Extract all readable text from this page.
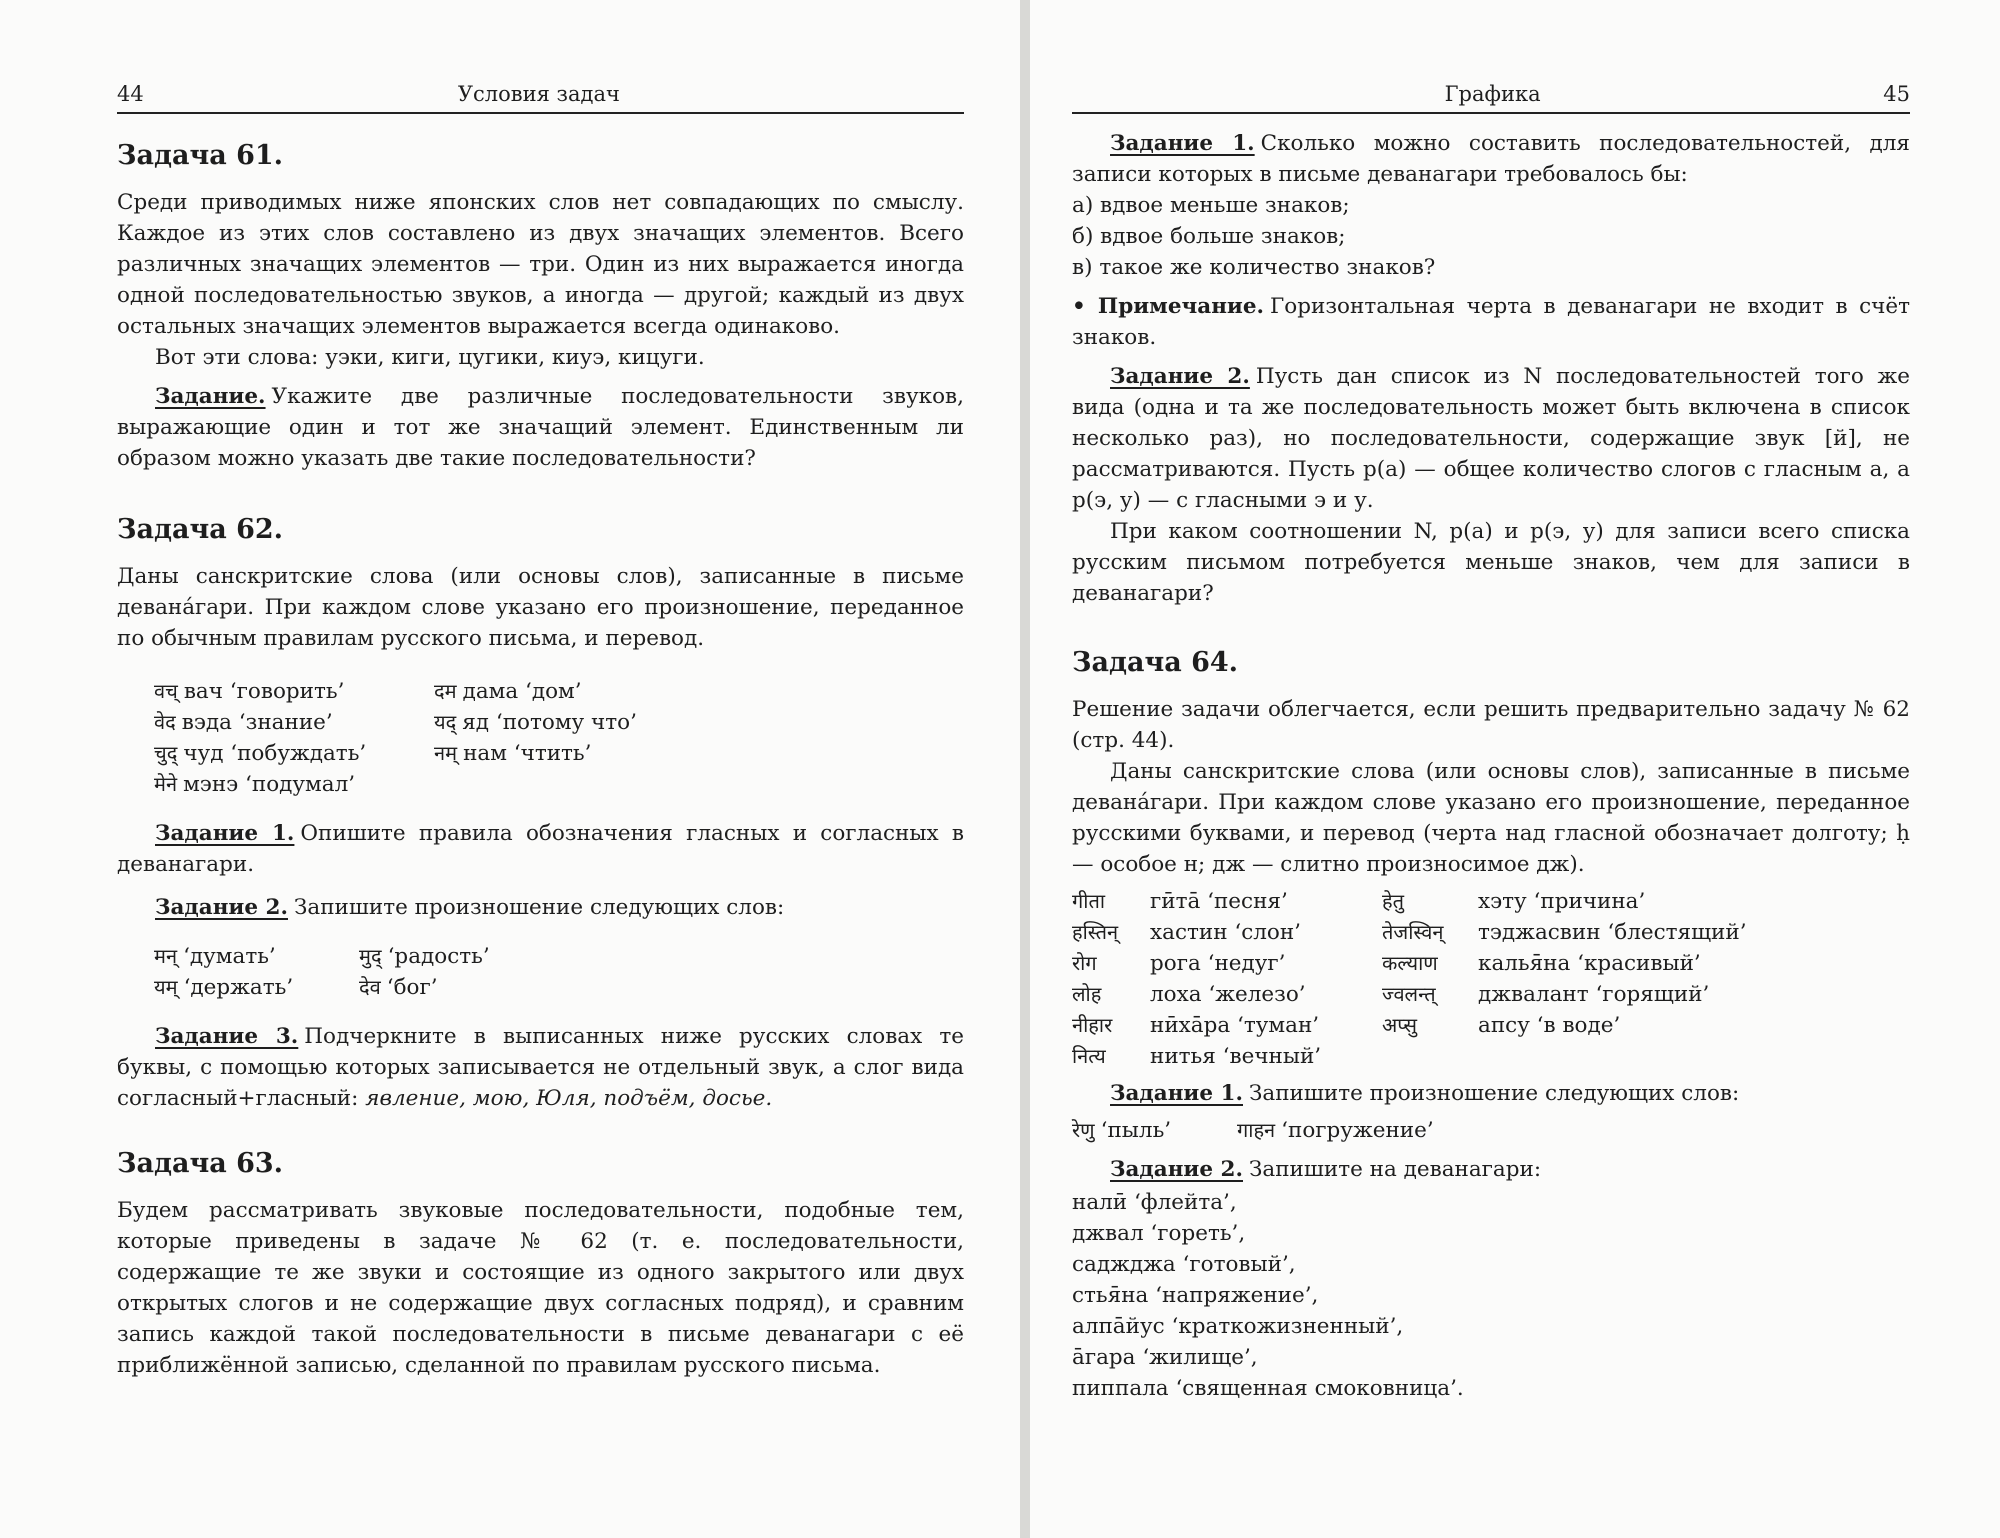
44	Условия задач
Задача 61.

Среди приводимых ниже японских слов нет совпадающих по смыслу. Каждое из этих слов составлено из двух значащих элементов. Всего различных значащих элементов — три. Один из них выражается иногда одной последовательностью звуков, а иногда — другой; каждый из двух остальных значащих элементов выражается всегда одинаково.

Вот эти слова: уэки, киги, цугики, киуэ, кицуги.

Задание. Укажите две различные последовательности звуков, выражающие один и тот же значащий элемент. Единственным ли образом можно указать две такие последовательности?

Задача 62.

Даны санскритские слова (или основы слов), записанные в письме деванáгари. При каждом слове указано его произношение, переданное по обычным правилам русского письма, и перевод.

वच् вач ‘говорить’	दम дама ‘дом’
वेद вэда ‘знание’	यद् яд ‘потому что’
चुद् чуд ‘побуждать’	नम् нам ‘чтить’
मेने мэнэ ‘подумал’

Задание 1. Опишите правила обозначения гласных и согласных в деванагари.

Задание 2. Запишите произношение следующих слов:

मन् ‘думать’	मुद् ‘радость’
यम् ‘держать’	देव ‘бог’

Задание 3. Подчеркните в выписанных ниже русских словах те буквы, с помощью которых записывается не отдельный звук, а слог вида согласный+гласный: явление, мою, Юля, подъём, досье.

Задача 63.

Будем рассматривать звуковые последовательности, подобные тем, которые приведены в задаче № 62 (т. е. последовательности, содержащие те же звуки и состоящие из одного закрытого или двух открытых слогов и не содержащие двух согласных подряд), и сравним запись каждой такой последовательности в письме деванагари с её приближённой записью, сделанной по правилам русского письма.

Графика	45

Задание 1. Сколько можно составить последовательностей, для записи которых в письме деванагари требовалось бы:

а) вдвое меньше знаков;
б) вдвое больше знаков;
в) такое же количество знаков?

• Примечание. Горизонтальная черта в деванагари не входит в счёт знаков.

Задание 2. Пусть дан список из N последовательностей того же вида (одна и та же последовательность может быть включена в список несколько раз), но последовательности, содержащие звук [й], не рассматриваются. Пусть p(а) — общее количество слогов с гласным а, а p(э, у) — с гласными э и у.

При каком соотношении N, p(а) и p(э, у) для записи всего списка русским письмом потребуется меньше знаков, чем для записи в деванагари?

Задача 64.

Решение задачи облегчается, если решить предварительно задачу № 62 (стр. 44).

Даны санскритские слова (или основы слов), записанные в письме деванáгари. При каждом слове указано его произношение, переданное русскими буквами, и перевод (черта над гласной обозначает долготу; ḥ — особое н; дж — слитно произносимое дж).

गीता гӣта̄ ‘песня’	हेतु	хэту ‘причина’
हस्तिन् хастин ‘слон’	तेजस्विन् тэджасвин ‘блестящий’
रोग рога ‘недуг’	कल्याण калья̄на ‘красивый’
लोह лоха ‘железо’	ज्वलन्त् джвалант ‘горящий’
नीहार нӣха̄ра ‘туман’	अप्सु	апсу ‘в воде’
नित्य нитья ‘вечный’

Задание 1. Запишите произношение следующих слов:

रेणु ‘пыль’	गाहन ‘погружение’

Задание 2. Запишите на деванагари:

налӣ ‘флейта’,
джвал ‘гореть’,
саджджа ‘готовый’,
стья̄на ‘напряжение’,
алпа̄йус ‘краткожизненный’,
а̄гара ‘жилище’,
пиппала ‘священная смоковница’.
